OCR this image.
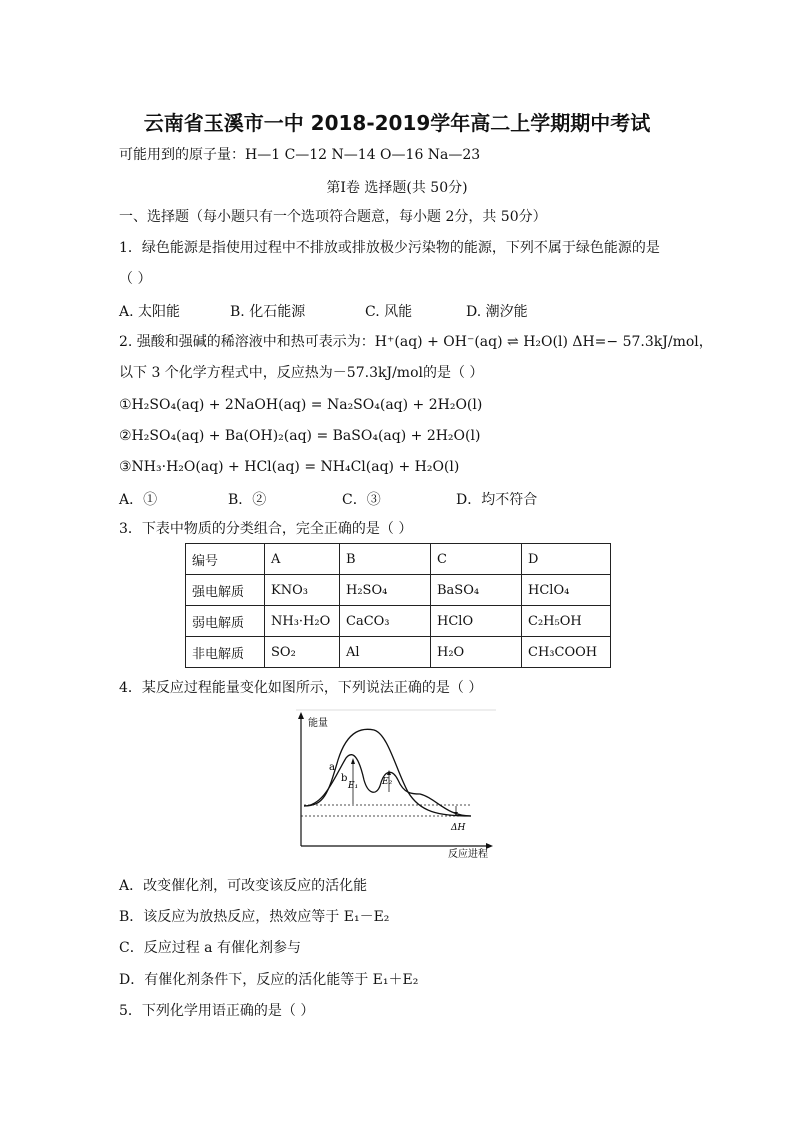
云南省玉溪市一中 2018-2019学年高二上学期期中考试
可能用到的原子量：H—1 C—12 N—14 O—16 Na—23
第Ⅰ卷 选择题(共 50分)
一、选择题（每小题只有一个选项符合题意，每小题 2分，共 50分）
1．绿色能源是指使用过程中不排放或排放极少污染物的能源，下列不属于绿色能源的是
（ ）
A. 太阳能	B. 化石能源	C. 风能	D. 潮汐能
2. 强酸和强碱的稀溶液中和热可表示为：H⁺(aq) + OH⁻(aq) ⇌ H₂O(l) ΔH=− 57.3kJ/mol，
以下 3 个化学方程式中，反应热为－57.3kJ/mol的是（ ）
①H₂SO₄(aq) + 2NaOH(aq) = Na₂SO₄(aq) + 2H₂O(l)
②H₂SO₄(aq) + Ba(OH)₂(aq) = BaSO₄(aq) + 2H₂O(l)
③NH₃·H₂O(aq) + HCl(aq) = NH₄Cl(aq) + H₂O(l)
A．①	B．②	C．③	D．均不符合
3．下表中物质的分类组合，完全正确的是（ ）
编号	A	B	C	D
强电解质	KNO₃	H₂SO₄	BaSO₄	HClO₄
弱电解质	NH₃·H₂O	CaCO₃	HClO	C₂H₅OH
非电解质	SO₂	Al	H₂O	CH₃COOH
4．某反应过程能量变化如图所示，下列说法正确的是（ ）
能量
反应进程
a
b
E₁	E₂
ΔH
A．改变催化剂，可改变该反应的活化能
B．该反应为放热反应，热效应等于 E₁－E₂
C．反应过程 a 有催化剂参与
D．有催化剂条件下，反应的活化能等于 E₁＋E₂
5．下列化学用语正确的是（ ）
